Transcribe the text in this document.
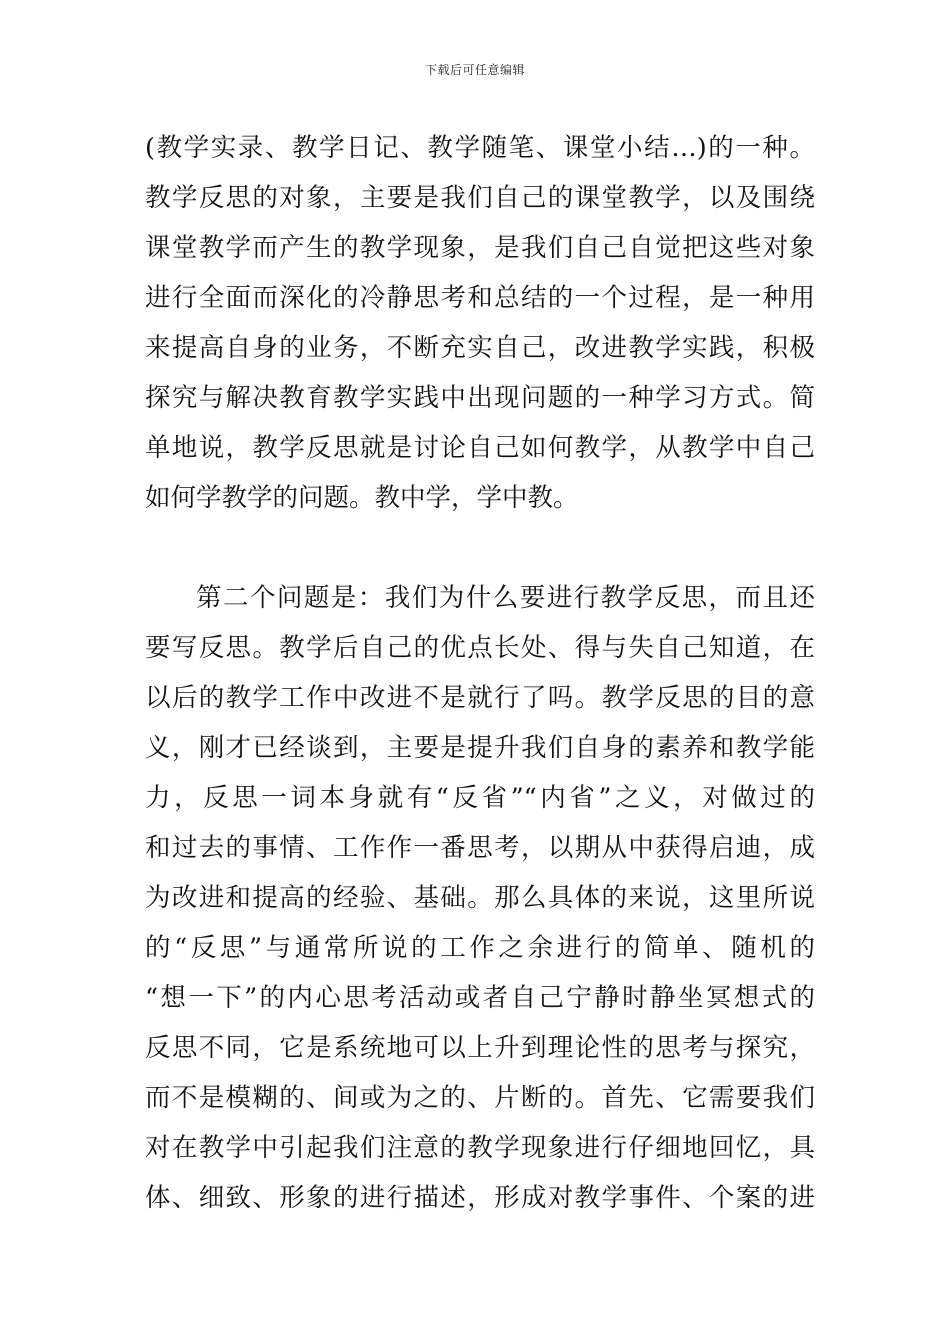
下载后可任意编辑
(教学实录、教学日记、教学随笔、课堂小结…)的一种。
教学反思的对象，主要是我们自己的课堂教学，以及围绕
课堂教学而产生的教学现象，是我们自己自觉把这些对象
进行全面而深化的冷静思考和总结的一个过程，是一种用
来提高自身的业务，不断充实自己，改进教学实践，积极
探究与解决教育教学实践中出现问题的一种学习方式。简
单地说，教学反思就是讨论自己如何教学，从教学中自己
如何学教学的问题。教中学，学中教。
第二个问题是：我们为什么要进行教学反思，而且还
要写反思。教学后自己的优点长处、得与失自己知道，在
以后的教学工作中改进不是就行了吗。教学反思的目的意
义，刚才已经谈到，主要是提升我们自身的素养和教学能
力，反思一词本身就有“反省”“内省”之义，对做过的
和过去的事情、工作作一番思考，以期从中获得启迪，成
为改进和提高的经验、基础。那么具体的来说，这里所说
的“反思”与通常所说的工作之余进行的简单、随机的
“想一下”的内心思考活动或者自己宁静时静坐冥想式的
反思不同，它是系统地可以上升到理论性的思考与探究，
而不是模糊的、间或为之的、片断的。首先、它需要我们
对在教学中引起我们注意的教学现象进行仔细地回忆，具
体、细致、形象的进行描述，形成对教学事件、个案的进
